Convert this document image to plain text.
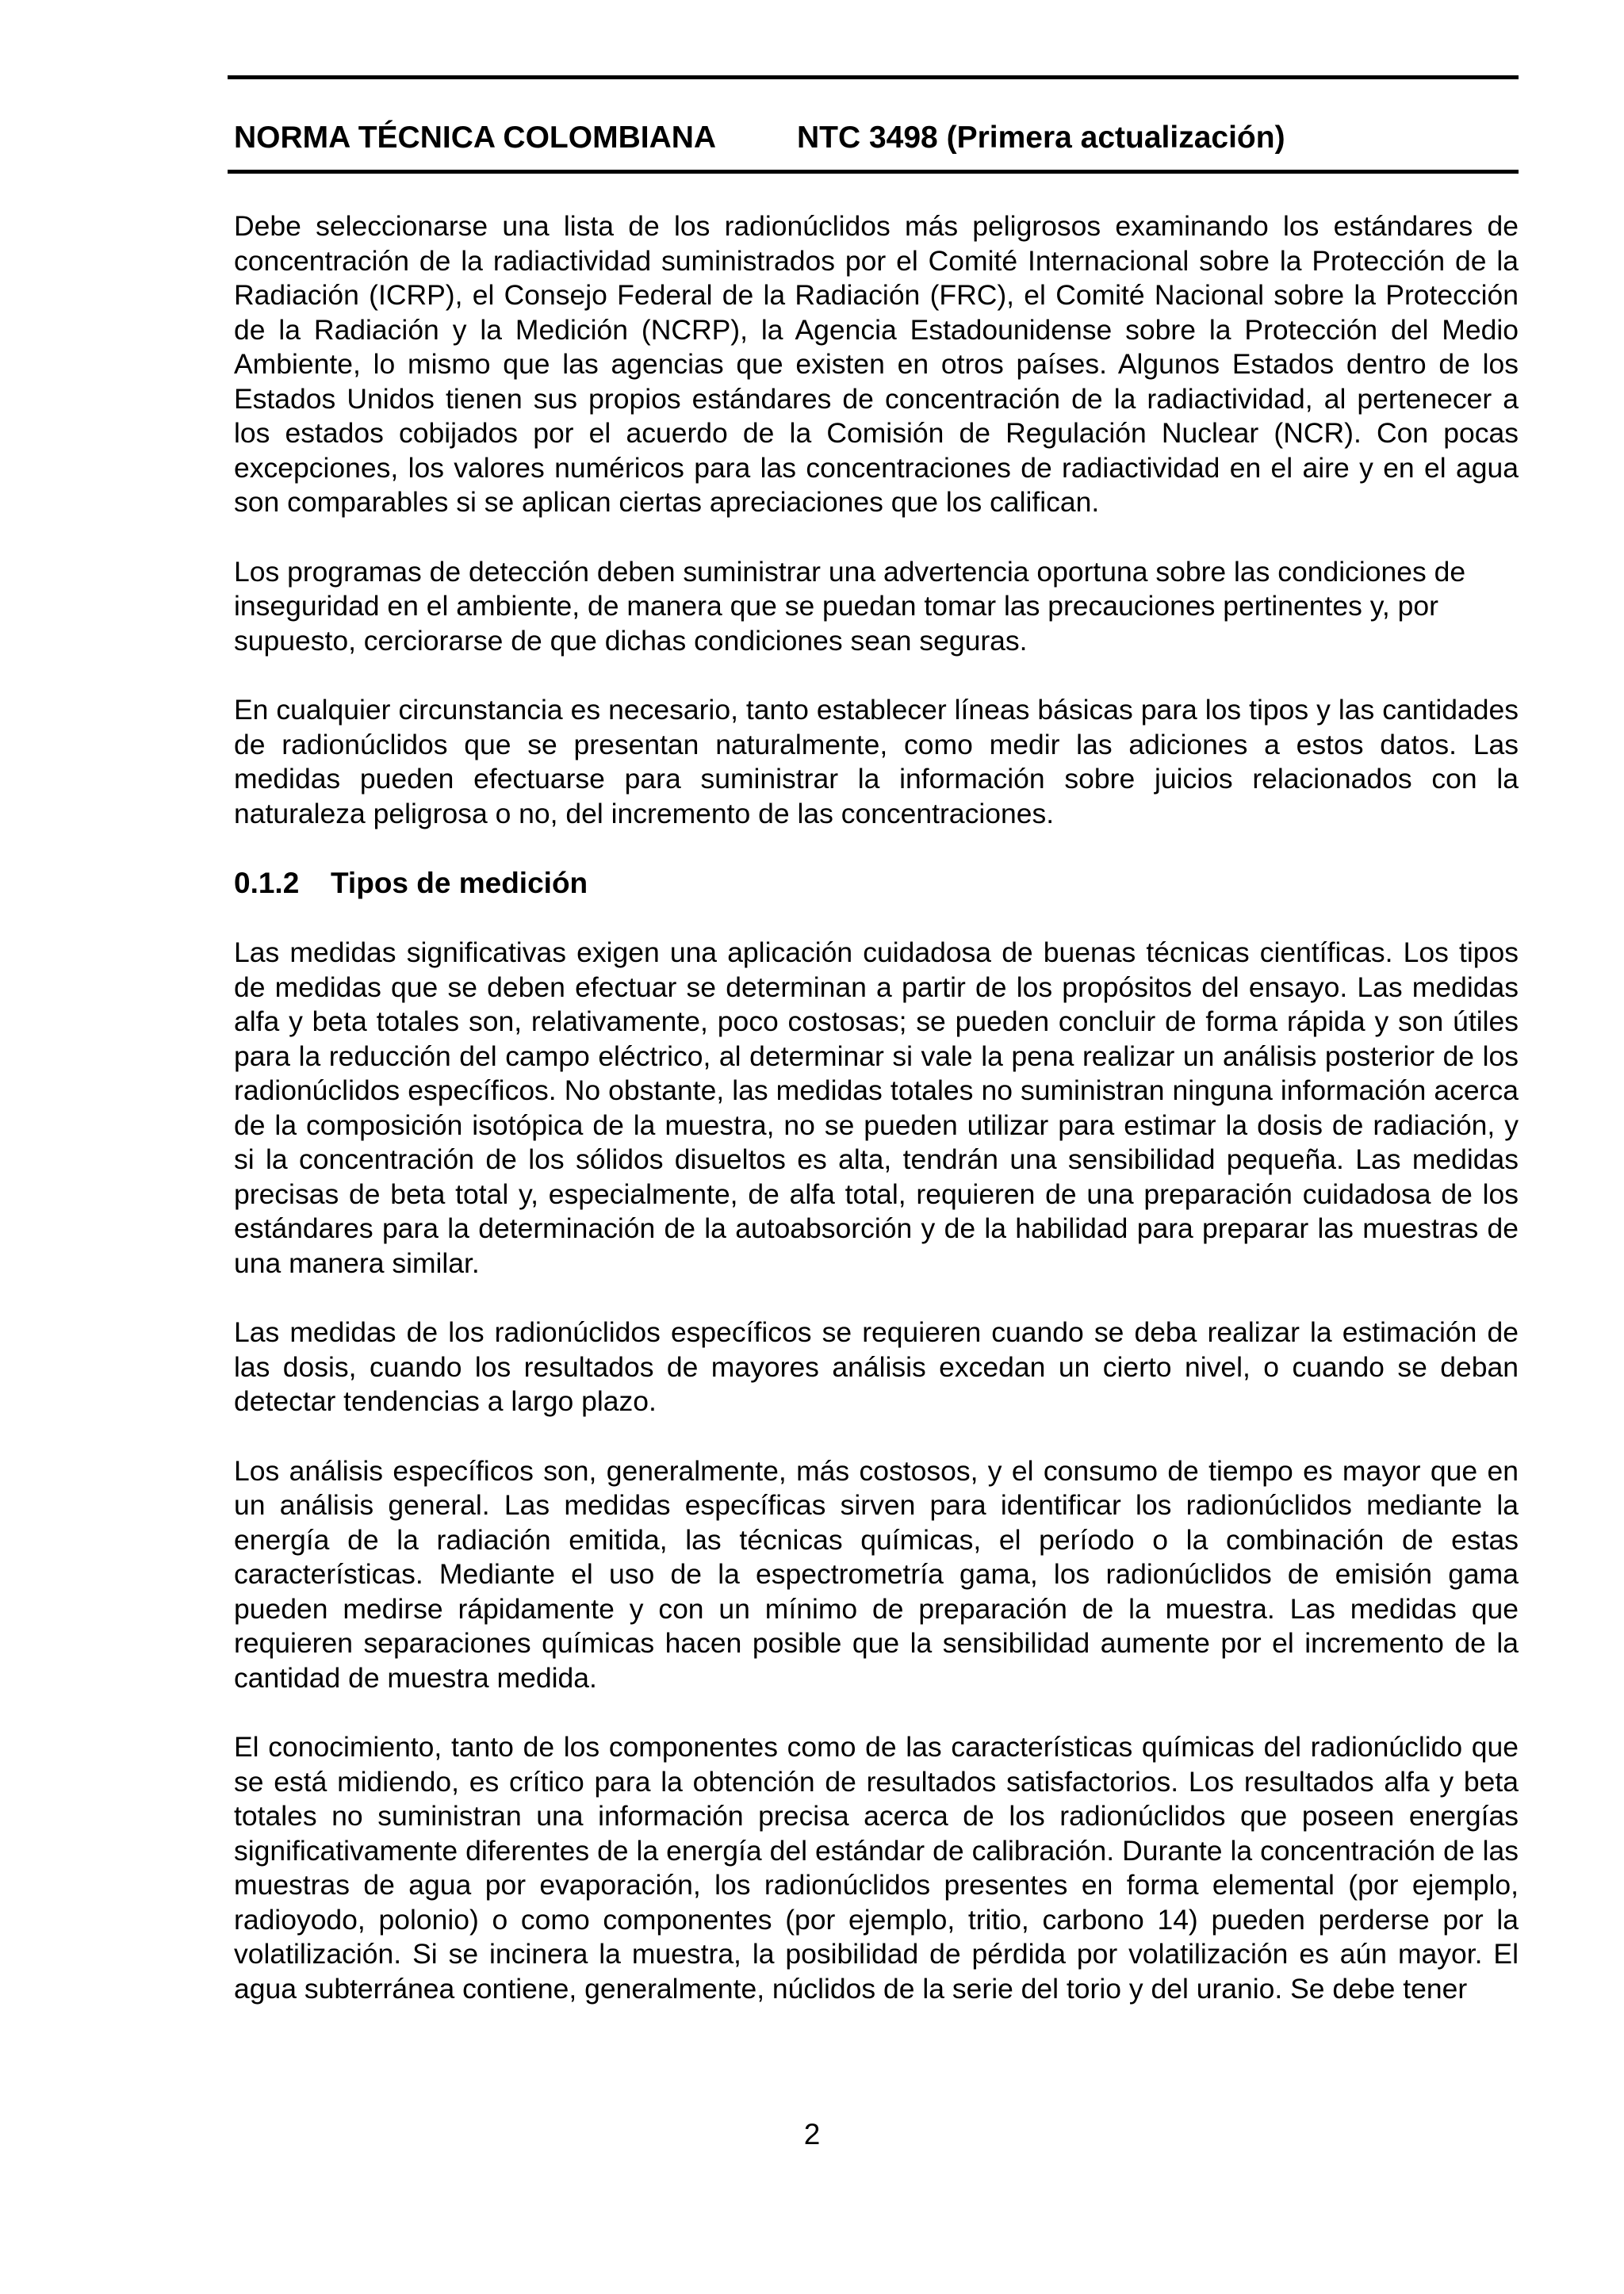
NORMA TÉCNICA COLOMBIANA	NTC 3498 (Primera actualización)

Debe seleccionarse una lista de los radionúclidos más peligrosos examinando los estándares de concentración de la radiactividad suministrados por el Comité Internacional sobre la Protección de la Radiación (ICRP), el Consejo Federal de la Radiación (FRC), el Comité Nacional sobre la Protección de la Radiación y la Medición (NCRP), la Agencia Estadounidense sobre la Protección del Medio Ambiente, lo mismo que las agencias que existen en otros países. Algunos Estados dentro de los Estados Unidos tienen sus propios estándares de concentración de la radiactividad, al pertenecer a los estados cobijados por el acuerdo de la Comisión de Regulación Nuclear (NCR). Con pocas excepciones, los valores numéricos para las concentraciones de radiactividad en el aire y en el agua son comparables si se aplican ciertas apreciaciones que los califican.

Los programas de detección deben suministrar una advertencia oportuna sobre las condiciones de inseguridad en el ambiente, de manera que se puedan tomar las precauciones pertinentes y, por supuesto, cerciorarse de que dichas condiciones sean seguras.

En cualquier circunstancia es necesario, tanto establecer líneas básicas para los tipos y las cantidades de radionúclidos que se presentan naturalmente, como medir las adiciones a estos datos. Las medidas pueden efectuarse para suministrar la información sobre juicios relacionados con la naturaleza peligrosa o no, del incremento de las concentraciones.

0.1.2 Tipos de medición

Las medidas significativas exigen una aplicación cuidadosa de buenas técnicas científicas. Los tipos de medidas que se deben efectuar se determinan a partir de los propósitos del ensayo. Las medidas alfa y beta totales son, relativamente, poco costosas; se pueden concluir de forma rápida y son útiles para la reducción del campo eléctrico, al determinar si vale la pena realizar un análisis posterior de los radionúclidos específicos. No obstante, las medidas totales no suministran ninguna información acerca de la composición isotópica de la muestra, no se pueden utilizar para estimar la dosis de radiación, y si la concentración de los sólidos disueltos es alta, tendrán una sensibilidad pequeña. Las medidas precisas de beta total y, especialmente, de alfa total, requieren de una preparación cuidadosa de los estándares para la determinación de la autoabsorción y de la habilidad para preparar las muestras de una manera similar.

Las medidas de los radionúclidos específicos se requieren cuando se deba realizar la estimación de las dosis, cuando los resultados de mayores análisis excedan un cierto nivel, o cuando se deban detectar tendencias a largo plazo.

Los análisis específicos son, generalmente, más costosos, y el consumo de tiempo es mayor que en un análisis general. Las medidas específicas sirven para identificar los radionúclidos mediante la energía de la radiación emitida, las técnicas químicas, el período o la combinación de estas características. Mediante el uso de la espectrometría gama, los radionúclidos de emisión gama pueden medirse rápidamente y con un mínimo de preparación de la muestra. Las medidas que requieren separaciones químicas hacen posible que la sensibilidad aumente por el incremento de la cantidad de muestra medida.

El conocimiento, tanto de los componentes como de las características químicas del radionúclido que se está midiendo, es crítico para la obtención de resultados satisfactorios. Los resultados alfa y beta totales no suministran una información precisa acerca de los radionúclidos que poseen energías significativamente diferentes de la energía del estándar de calibración. Durante la concentración de las muestras de agua por evaporación, los radionúclidos presentes en forma elemental (por ejemplo, radioyodo, polonio) o como componentes (por ejemplo, tritio, carbono 14) pueden perderse por la volatilización. Si se incinera la muestra, la posibilidad de pérdida por volatilización es aún mayor. El agua subterránea contiene, generalmente, núclidos de la serie del torio y del uranio. Se debe tener

2
